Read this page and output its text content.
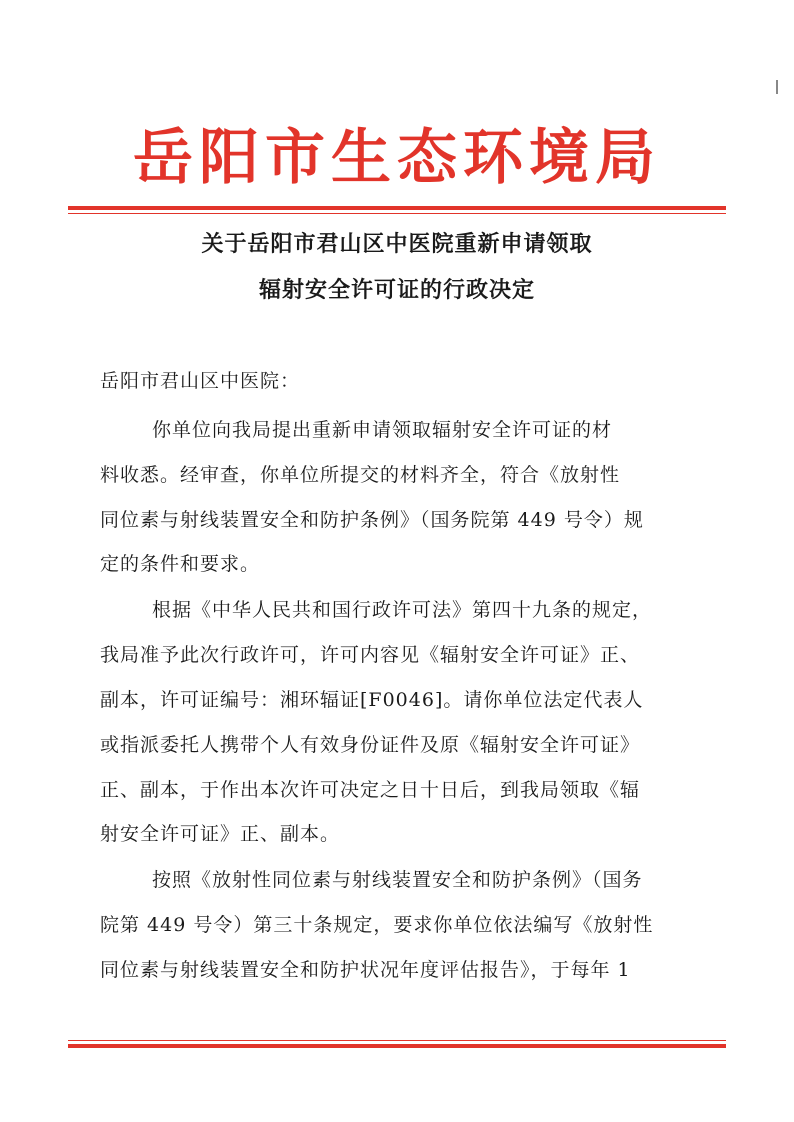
岳阳市生态环境局
关于岳阳市君山区中医院重新申请领取
辐射安全许可证的行政决定
岳阳市君山区中医院：
你单位向我局提出重新申请领取辐射安全许可证的材
料收悉。经审查，你单位所提交的材料齐全，符合《放射性
同位素与射线装置安全和防护条例》（国务院第 449 号令）规
定的条件和要求。
根据《中华人民共和国行政许可法》第四十九条的规定，
我局准予此次行政许可，许可内容见《辐射安全许可证》正、
副本，许可证编号：湘环辐证[F0046]。请你单位法定代表人
或指派委托人携带个人有效身份证件及原《辐射安全许可证》
正、副本，于作出本次许可决定之日十日后，到我局领取《辐
射安全许可证》正、副本。
按照《放射性同位素与射线装置安全和防护条例》（国务
院第 449 号令）第三十条规定，要求你单位依法编写《放射性
同位素与射线装置安全和防护状况年度评估报告》，于每年 1
